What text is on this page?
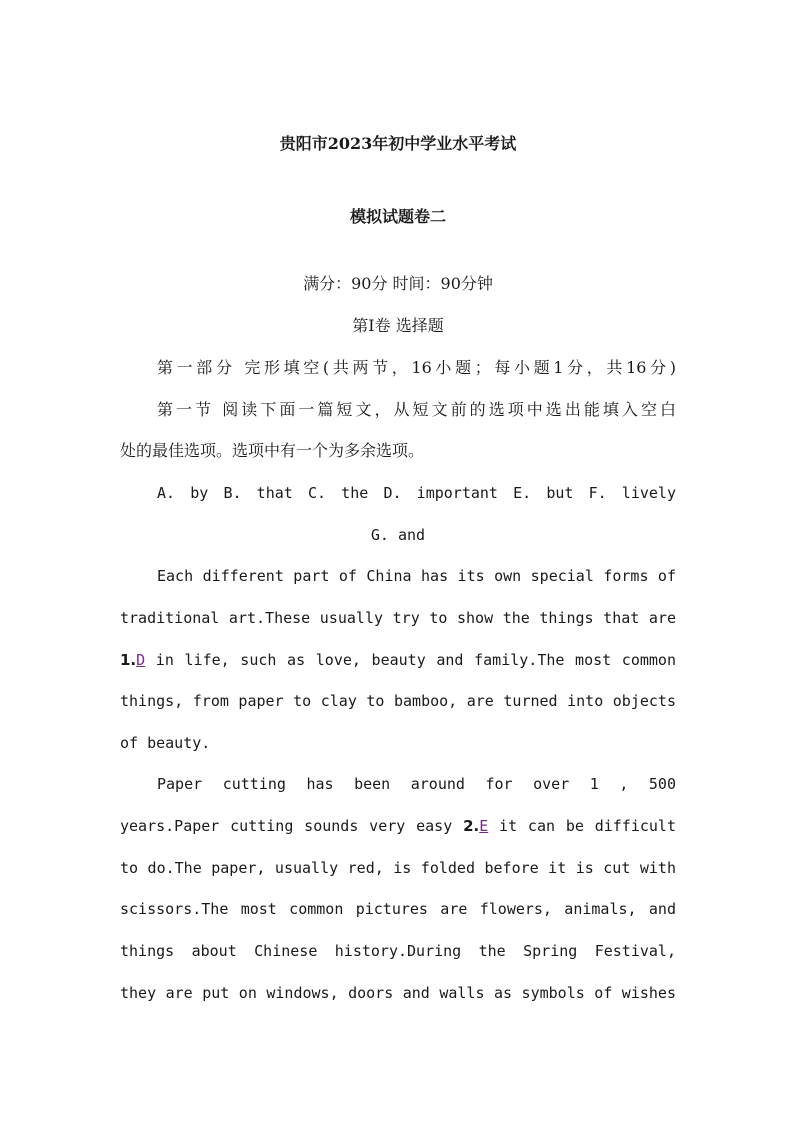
贵阳市2023年初中学业水平考试
模拟试题卷二
满分：90分 时间：90分钟
第Ⅰ卷 选择题
第一部分 完形填空(共两节，16小题；每小题1分，共16分)
第一节 阅读下面一篇短文，从短文前的选项中选出能填入空白
处的最佳选项。选项中有一个为多余选项。
A. by B. that C. the D. important E. but F. lively
G. and
Each different part of China has its own special forms of
traditional art.These usually try to show the things that are
1.D in life, such as love, beauty and family.The most common
things, from paper to clay to bamboo, are turned into objects
of beauty.
Paper cutting has been around for over 1 , 500
years.Paper cutting sounds very easy 2.E it can be difficult
to do.The paper, usually red, is folded before it is cut with
scissors.The most common pictures are flowers, animals, and
things about Chinese history.During the Spring Festival,
they are put on windows, doors and walls as symbols of wishes
